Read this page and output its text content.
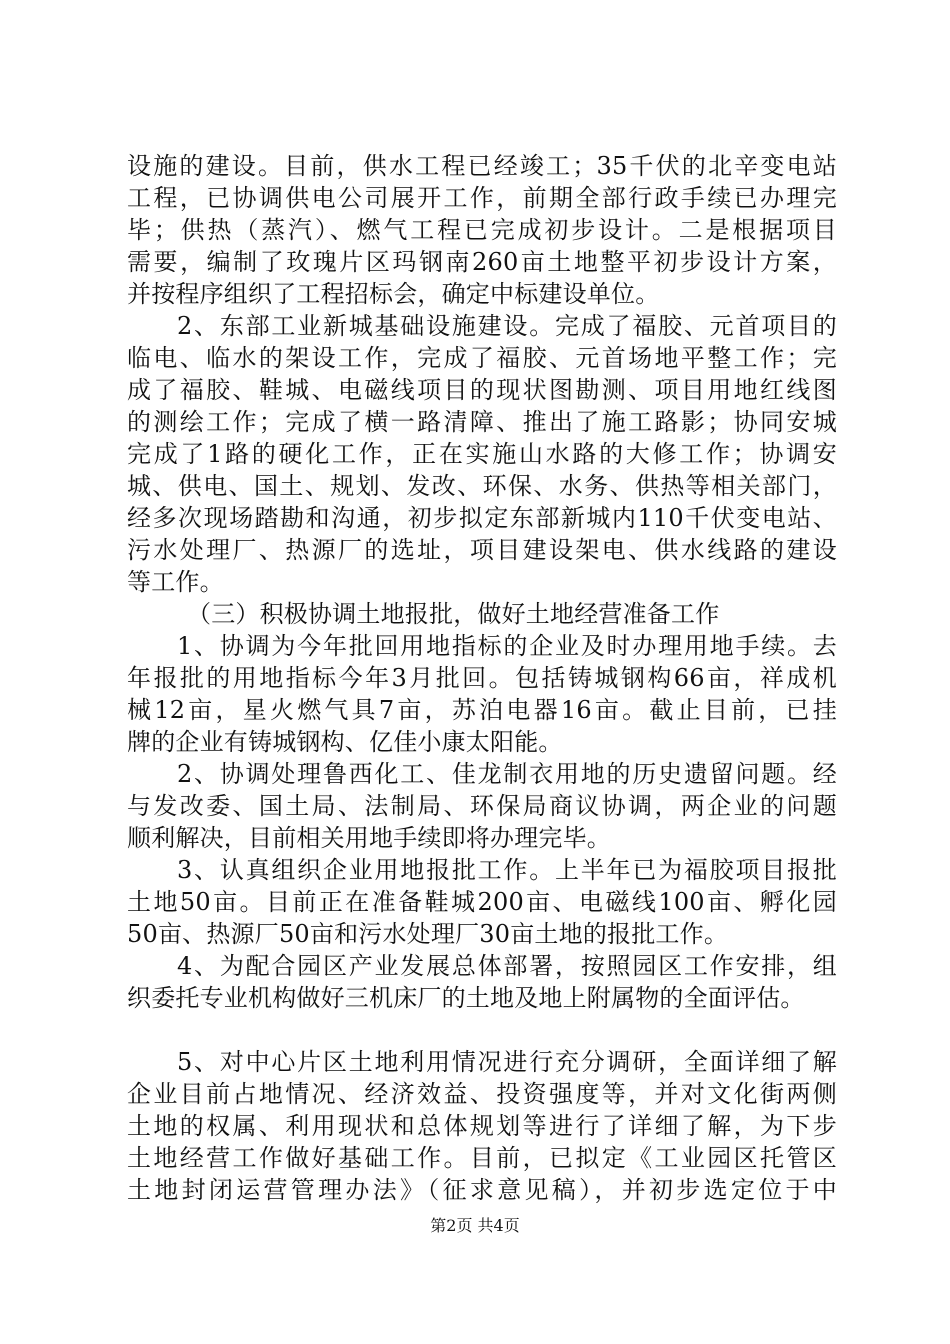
设施的建设。目前，供水工程已经竣工；35千伏的北辛变电站
工程，已协调供电公司展开工作，前期全部行政手续已办理完
毕；供热（蒸汽）、燃气工程已完成初步设计。二是根据项目
需要，编制了玫瑰片区玛钢南260亩土地整平初步设计方案，
并按程序组织了工程招标会，确定中标建设单位。
2、东部工业新城基础设施建设。完成了福胶、元首项目的
临电、临水的架设工作，完成了福胶、元首场地平整工作；完
成了福胶、鞋城、电磁线项目的现状图勘测、项目用地红线图
的测绘工作；完成了横一路清障、推出了施工路影；协同安城
完成了1路的硬化工作，正在实施山水路的大修工作；协调安
城、供电、国土、规划、发改、环保、水务、供热等相关部门，
经多次现场踏勘和沟通，初步拟定东部新城内110千伏变电站、
污水处理厂、热源厂的选址，项目建设架电、供水线路的建设
等工作。
（三）积极协调土地报批，做好土地经营准备工作
1、协调为今年批回用地指标的企业及时办理用地手续。去
年报批的用地指标今年3月批回。包括铸城钢构66亩，祥成机
械12亩，星火燃气具7亩，苏泊电器16亩。截止目前，已挂
牌的企业有铸城钢构、亿佳小康太阳能。
2、协调处理鲁西化工、佳龙制衣用地的历史遗留问题。经
与发改委、国土局、法制局、环保局商议协调，两企业的问题
顺利解决，目前相关用地手续即将办理完毕。
3、认真组织企业用地报批工作。上半年已为福胶项目报批
土地50亩。目前正在准备鞋城200亩、电磁线100亩、孵化园
50亩、热源厂50亩和污水处理厂30亩土地的报批工作。
4、为配合园区产业发展总体部署，按照园区工作安排，组
织委托专业机构做好三机床厂的土地及地上附属物的全面评估。
5、对中心片区土地利用情况进行充分调研，全面详细了解
企业目前占地情况、经济效益、投资强度等，并对文化街两侧
土地的权属、利用现状和总体规划等进行了详细了解，为下步
土地经营工作做好基础工作。目前，已拟定《工业园区托管区
土地封闭运营管理办法》（征求意见稿），并初步选定位于中
第2页 共4页
